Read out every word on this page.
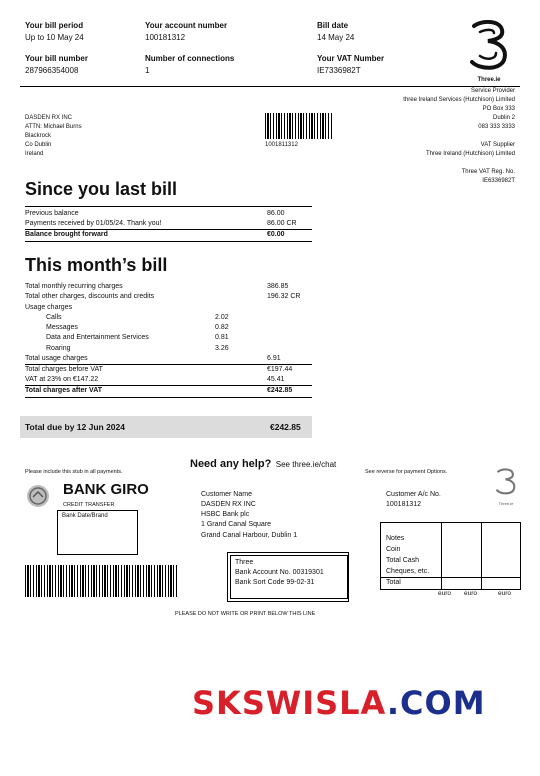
Your bill period
Up to 10 May 24
Your account number
100181312
Bill date
14 May 24
Your bill number
287966354008
Number of connections
1
Your VAT Number
IE7336982T
Three.ie
DASDEN RX INC
ATTN: Michael Burns
Blackrock
Co Dublin
Ireland
1001811312
Service Provider
three Ireland Services (Hutchison) Limited
PO Box 333
Dublin 2
083 333 3333
VAT Supplier
Three Ireland (Hutchison) Limited
Three VAT Reg. No.
IE6336982T
Since you last bill
Previous balance	86.00
Payments received by 01/05/24. Thank you!	86.00 CR
Balance brought forward	€0.00
This month’s bill
Total monthly recurring charges	386.85
Total other charges, discounts and credits	196.32 CR
Usage charges
Calls	2.02
Messages	0.82
Data and Entertainment Services	0.81
Roaring	3.26
Total usage charges	6.91
Total charges before VAT	€197.44
VAT at 23% on €147.22	45.41
Total charges after VAT	€242.85
Total due by 12 Jun 2024	€242.85
Need any help? See three.ie/chat
Please include this stub in all payments.	See reverse for payment Options.
BANK GIRO
CREDIT TRANSFER
Bank Date/Brand
Customer Name
DASDEN RX INC
HSBC Bank plc
1 Grand Canal Square
Grand Canal Harbour, Dublin 1
Customer A/c No.
100181312	Three.ie
Notes
Coin
Total Cash
Cheques, etc.
Total
euro euro	euro
Three
Bank Account No. 00319301
Bank Sort Code 99-02-31
PLEASE DO NOT WRITE OR PRINT BELOW THIS LINE
SKSWISLA.COM
